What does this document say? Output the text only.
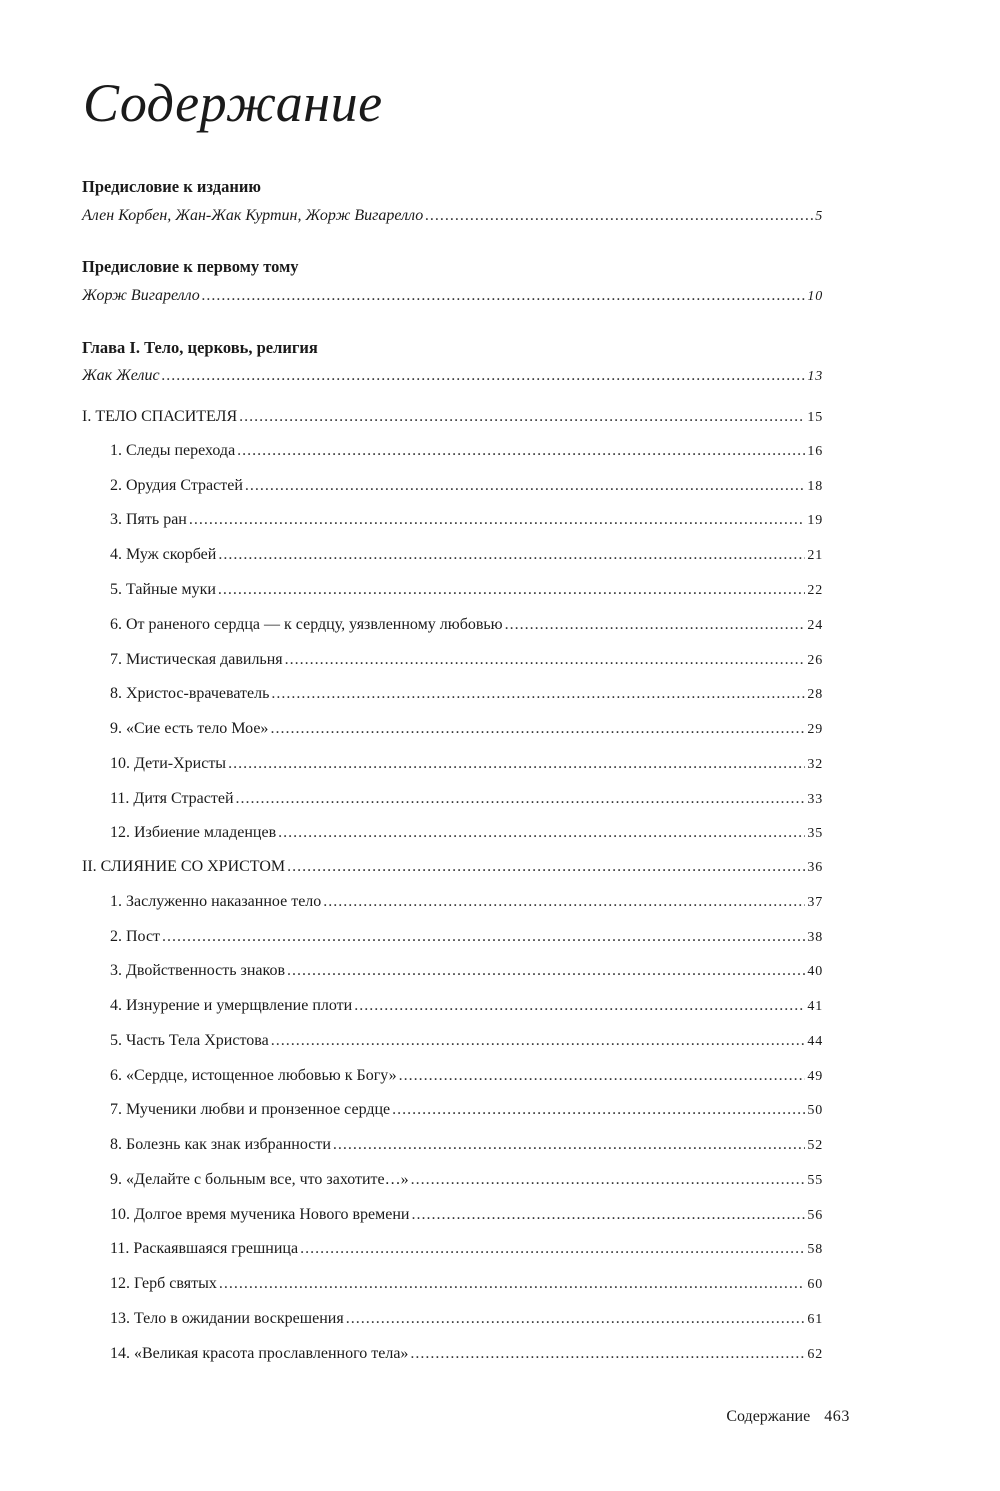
Содержание
Предисловие к изданию
Ален Корбен, Жан-Жак Куртин, Жорж Вигарелло .....	5
Предисловие к первому тому
Жорж Вигарелло .....	10
Глава I. Тело, церковь, религия
Жак Желис .....	13
I. ТЕЛО СПАСИТЕЛЯ .....	15
1. Следы перехода .....	16
2. Орудия Страстей .....	18
3. Пять ран .....	19
4. Муж скорбей .....	21
5. Тайные муки .....	22
6. От раненого сердца — к сердцу, уязвленному любовью .....	24
7. Мистическая давильня .....	26
8. Христос-врачеватель .....	28
9. «Сие есть тело Мое» .....	29
10. Дети-Христы .....	32
11. Дитя Страстей .....	33
12. Избиение младенцев .....	35
II. СЛИЯНИЕ СО ХРИСТОМ .....	36
1. Заслуженно наказанное тело .....	37
2. Пост .....	38
3. Двойственность знаков .....	40
4. Изнурение и умерщвление плоти .....	41
5. Часть Тела Христова .....	44
6. «Сердце, истощенное любовью к Богу» .....	49
7. Мученики любви и пронзенное сердце .....	50
8. Болезнь как знак избранности .....	52
9. «Делайте с больным все, что захотите…» .....	55
10. Долгое время мученика Нового времени .....	56
11. Раскаявшаяся грешница .....	58
12. Герб святых .....	60
13. Тело в ожидании воскрешения .....	61
14. «Великая красота прославленного тела» .....	62
Содержание 463
